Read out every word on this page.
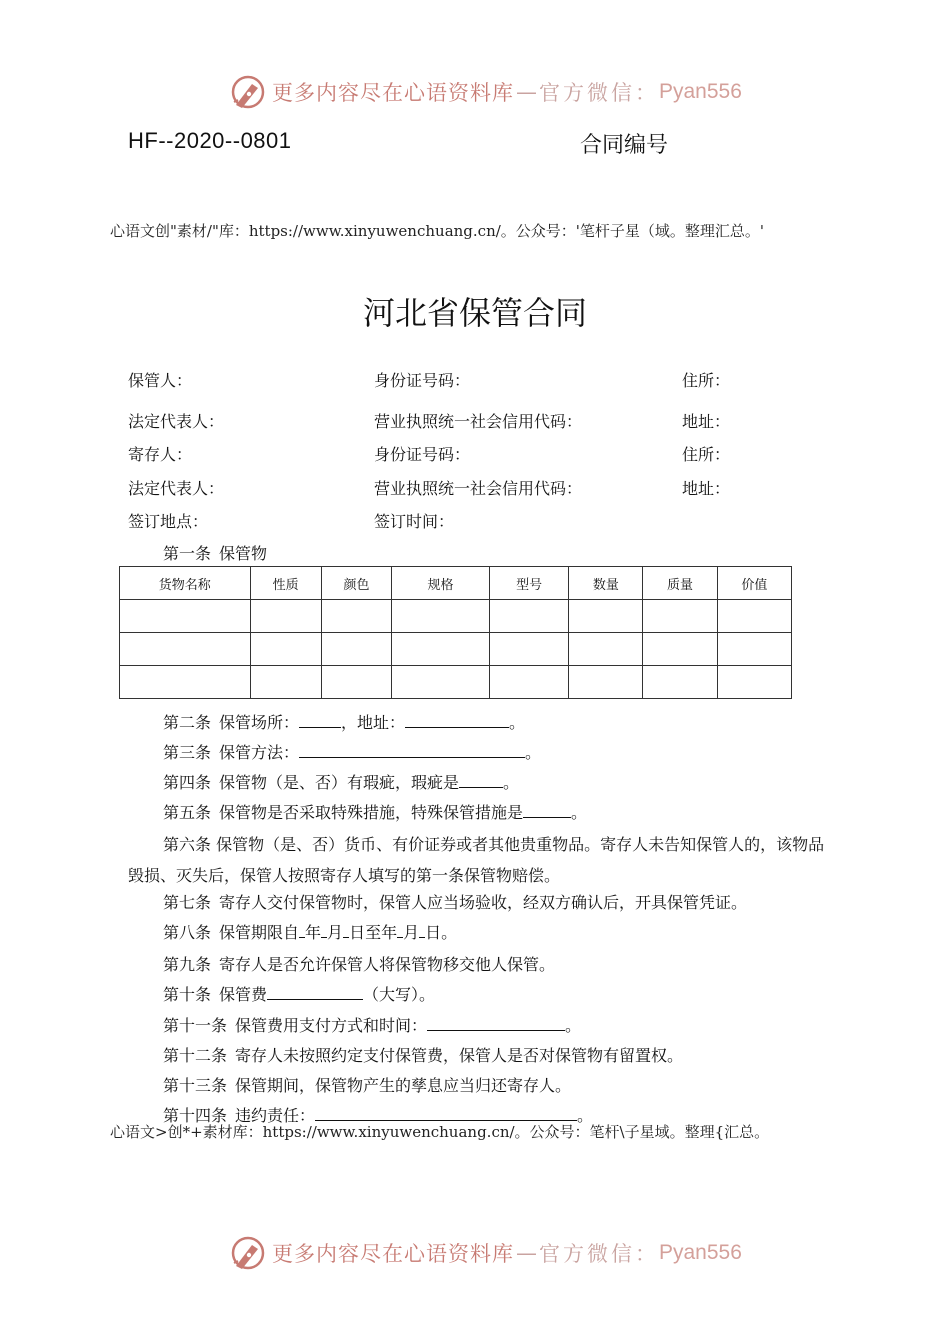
更多内容尽在心语资料库 — 官方微信： Pyan556
HF--2020--0801	合同编号
心语文创"素材/"库：https://www.xinyuwenchuang.cn/。公众号：'笔杆子星（域。整理汇总。'
河北省保管合同
保管人：	身份证号码：	住所：
法定代表人：	营业执照统一社会信用代码：	地址：
寄存人：	身份证号码：	住所：
法定代表人：	营业执照统一社会信用代码：	地址：
签订地点：	签订时间：
第一条 保管物
货物名称	性质	颜色	规格	型号	数量	质量	价值

第二条 保管场所：	，地址：	。
第三条 保管方法：	。
第四条 保管物（是、否）有瑕疵，瑕疵是	。
第五条 保管物是否采取特殊措施，特殊保管措施是	。
第六条 保管物（是、否）货币、有价证券或者其他贵重物品。寄存人未告知保管人的，该物品毁损、灭失后，保管人按照寄存人填写的第一条保管物赔偿。
第七条 寄存人交付保管物时，保管人应当场验收，经双方确认后，开具保管凭证。
第八条 保管期限自 年 月 日至年 月 日。
第九条 寄存人是否允许保管人将保管物移交他人保管。
第十条 保管费	（大写）。
第十一条 保管费用支付方式和时间：	。
第十二条 寄存人未按照约定支付保管费，保管人是否对保管物有留置权。
第十三条 保管期间，保管物产生的孳息应当归还寄存人。
第十四条 违约责任：	。
心语文>创*+素材库：https://www.xinyuwenchuang.cn/。公众号：笔杆\子星域。整理{汇总。
更多内容尽在心语资料库 — 官方微信： Pyan556
